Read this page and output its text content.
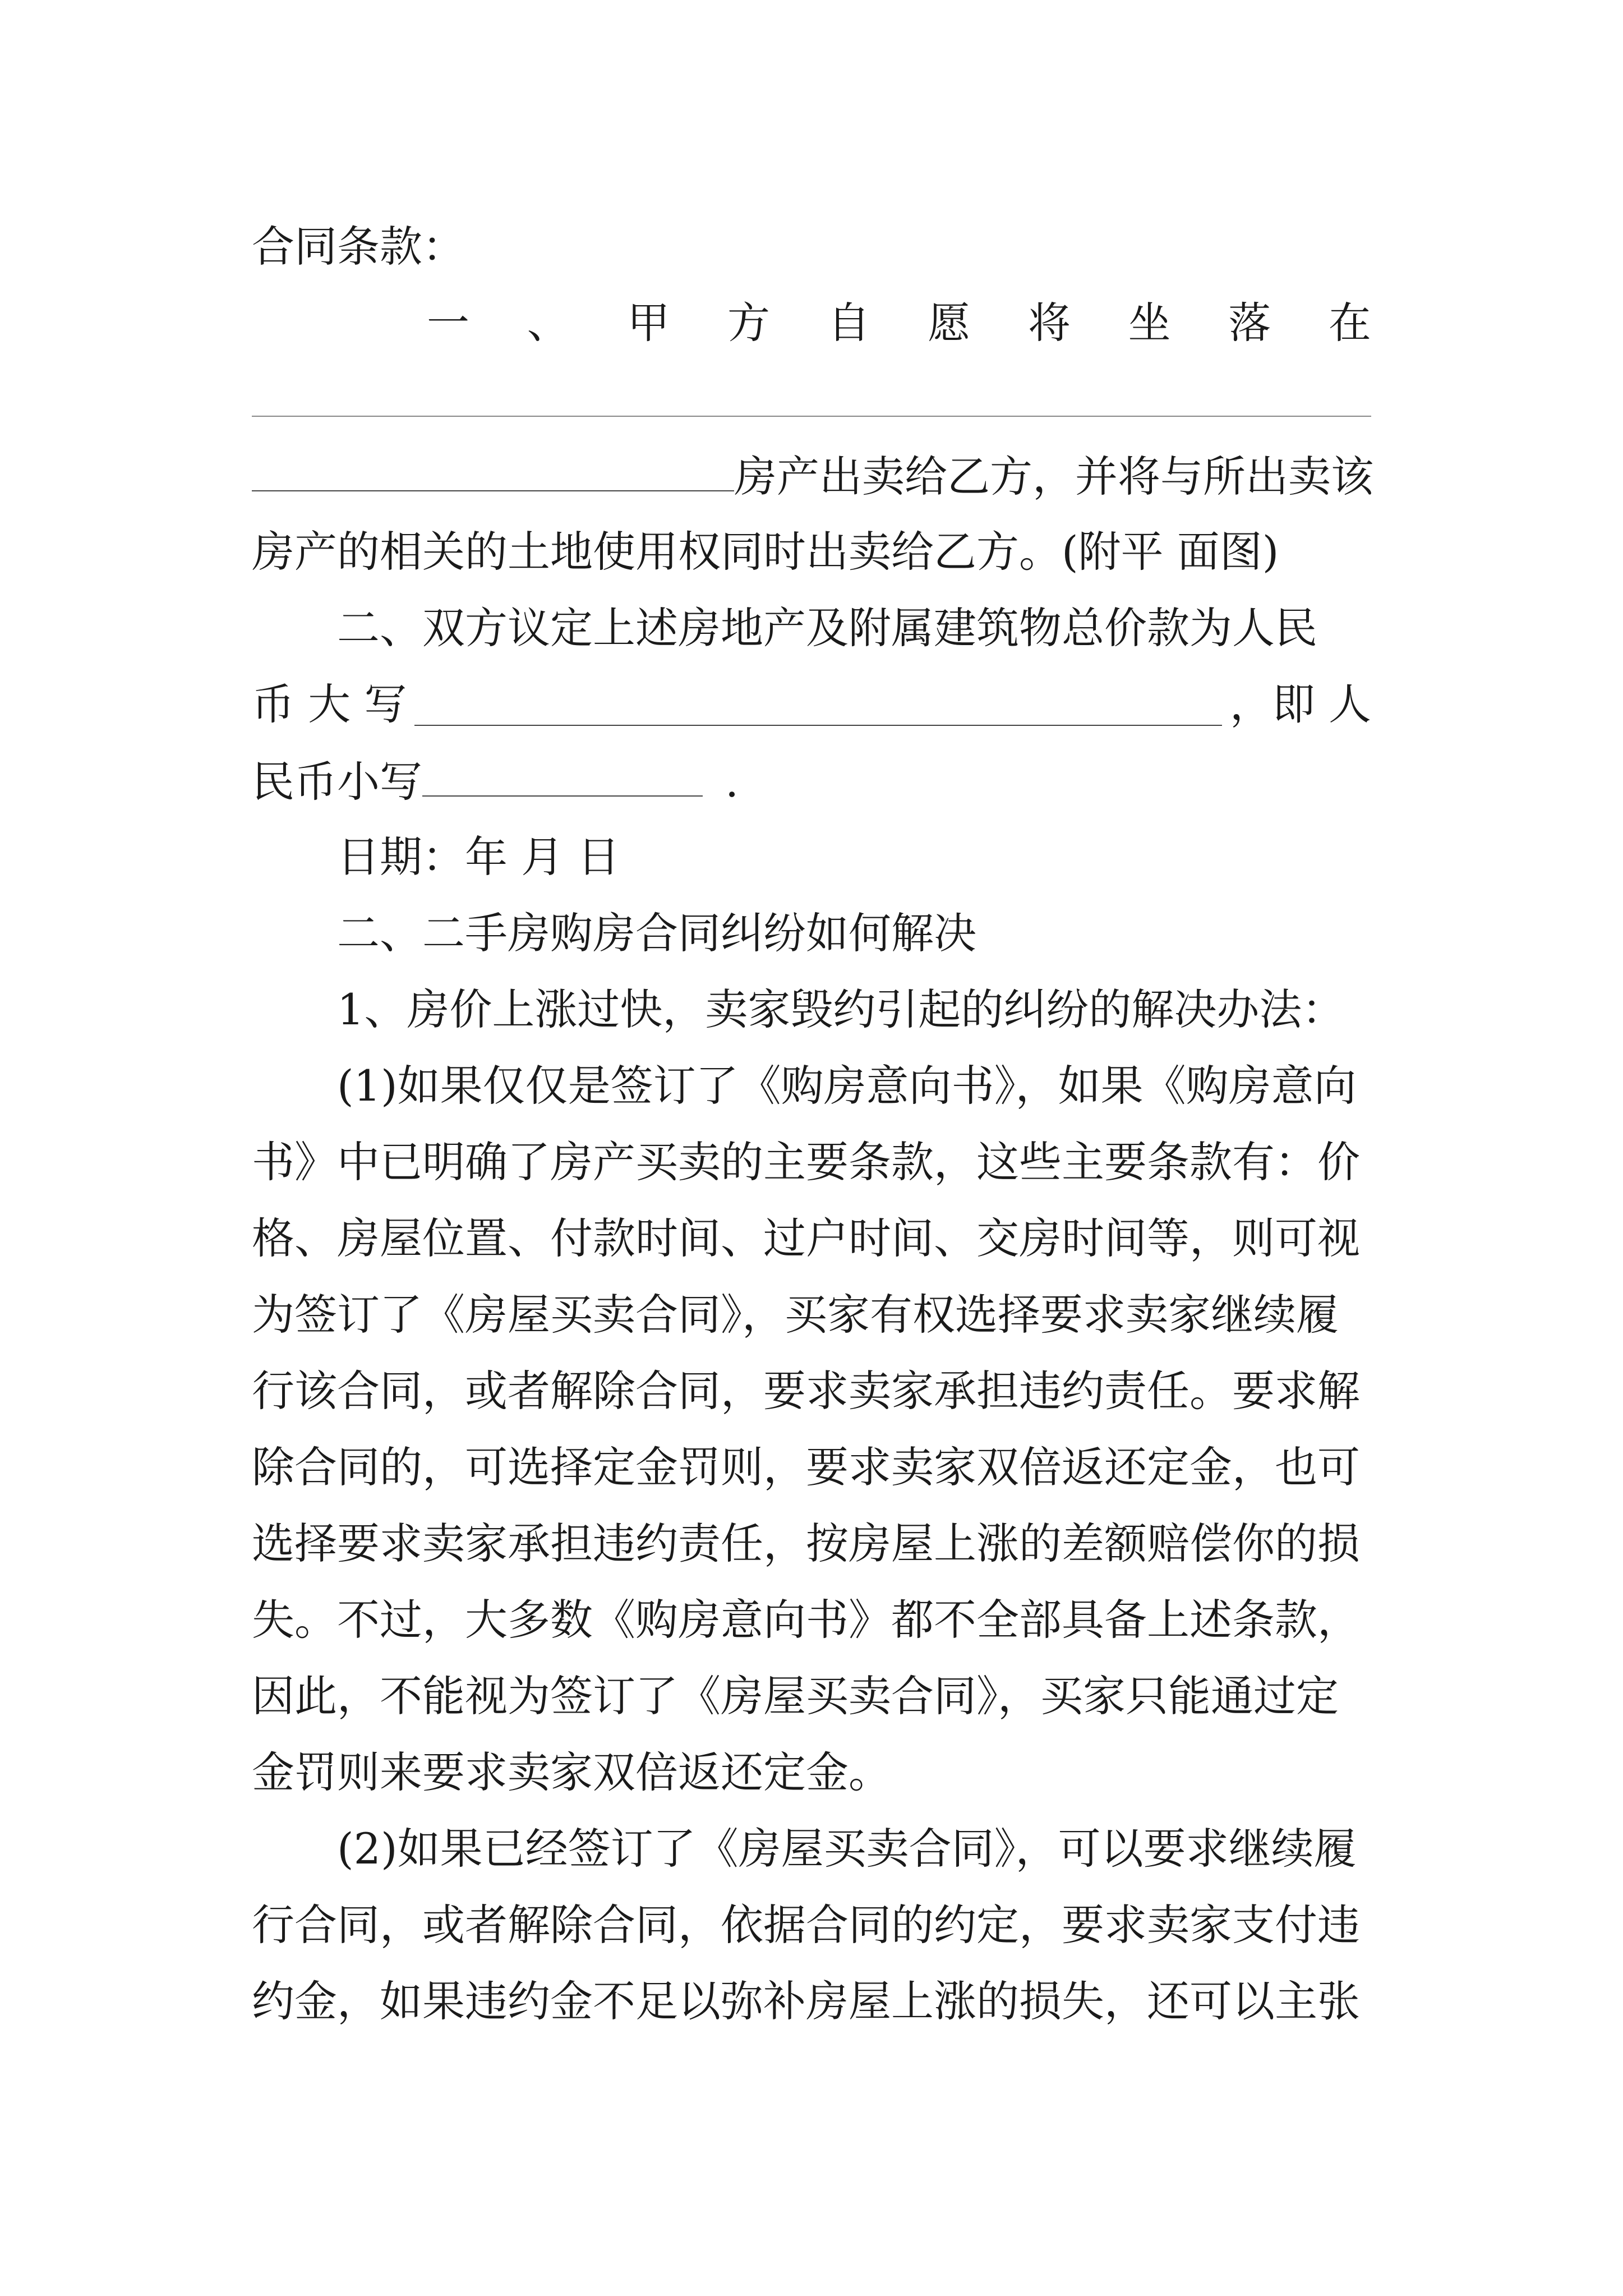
合同条款：
一 、 甲 方 自 愿 将 坐 落 在
房产出卖给乙方，并将与所出卖该
房产的相关的土地使用权同时出卖给乙方。(附平 面图)
二、双方议定上述房地产及附属建筑物总价款为人民
币 大 写	，即 人
民币小写	.
日期：年 月 日
二、二手房购房合同纠纷如何解决
1、房价上涨过快，卖家毁约引起的纠纷的解决办法：
(1)如果仅仅是签订了《购房意向书》，如果《购房意向
书》中已明确了房产买卖的主要条款，这些主要条款有：价
格、房屋位置、付款时间、过户时间、交房时间等，则可视
为签订了《房屋买卖合同》，买家有权选择要求卖家继续履
行该合同，或者解除合同，要求卖家承担违约责任。要求解
除合同的，可选择定金罚则，要求卖家双倍返还定金，也可
选择要求卖家承担违约责任，按房屋上涨的差额赔偿你的损
失。不过，大多数《购房意向书》都不全部具备上述条款，
因此，不能视为签订了《房屋买卖合同》，买家只能通过定
金罚则来要求卖家双倍返还定金。
(2)如果已经签订了《房屋买卖合同》，可以要求继续履
行合同，或者解除合同，依据合同的约定，要求卖家支付违
约金，如果违约金不足以弥补房屋上涨的损失，还可以主张
